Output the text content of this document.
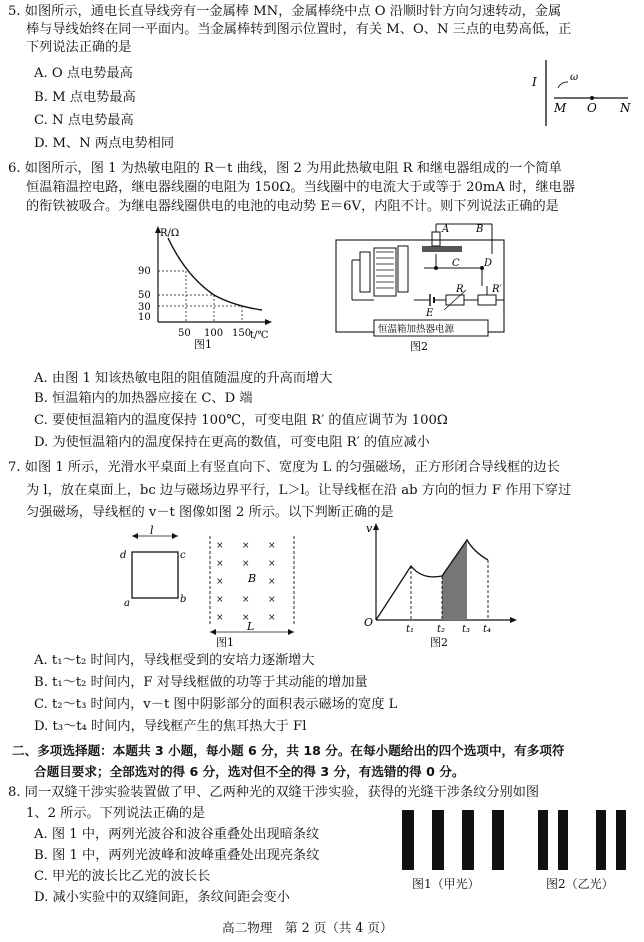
5. 如图所示，通电长直导线旁有一金属棒 MN，金属棒绕中点 O 沿顺时针方向匀速转动，金属
棒与导线始终在同一平面内。当金属棒转到图示位置时，有关 M、O、N 三点的电势高低，正
下列说法正确的是
A. O 点电势最高
B. M 点电势最高
C. N 点电势最高
D. M、N 两点电势相同
I	ω
M O N
6. 如图所示，图 1 为热敏电阻的 R－t 曲线，图 2 为用此热敏电阻 R 和继电器组成的一个简单
恒温箱温控电路，继电器线圈的电阻为 150Ω。当线圈中的电流大于或等于 20mA 时，继电器
的衔铁被吸合。为继电器线圈供电的电池的电动势 E＝6V，内阻不计。则下列说法正确的是
R/Ω
t/℃
90
50
30
10
50 100 150
图1
A	B
C D
E
R	R′
恒温箱加热器电源
图2
A. 由图 1 知该热敏电阻的阻值随温度的升高而增大
B. 恒温箱内的加热器应接在 C、D 端
C. 要使恒温箱内的温度保持 100℃，可变电阻 R′ 的值应调节为 100Ω
D. 为使恒温箱内的温度保持在更高的数值，可变电阻 R′ 的值应减小
7. 如图 1 所示，光滑水平桌面上有竖直向下、宽度为 L 的匀强磁场，正方形闭合导线框的边长
为 l，放在桌面上，bc 边与磁场边界平行，L＞l。让导线框在沿 ab 方向的恒力 F 作用下穿过
匀强磁场，导线框的 v－t 图像如图 2 所示。以下判断正确的是
l
d	c
a	b
× × ×
× × ×
×	×
× × ×
× × ×
B
L
图1
v
O
t₁ t₂ t₃ t₄
图2
A. t₁～t₂ 时间内，导线框受到的安培力逐渐增大
B. t₁～t₂ 时间内，F 对导线框做的功等于其动能的增加量
C. t₂～t₃ 时间内，v－t 图中阴影部分的面积表示磁场的宽度 L
D. t₃～t₄ 时间内，导线框产生的焦耳热大于 Fl
二、多项选择题：本题共 3 小题，每小题 6 分，共 18 分。在每小题给出的四个选项中，有多项符
合题目要求；全部选对的得 6 分，选对但不全的得 3 分，有选错的得 0 分。
8. 同一双缝干涉实验装置做了甲、乙两种光的双缝干涉实验，获得的光缝干涉条纹分别如图
1、2 所示。下列说法正确的是
A. 图 1 中，两列光波谷和波谷重叠处出现暗条纹
B. 图 1 中，两列光波峰和波峰重叠处出现亮条纹
C. 甲光的波长比乙光的波长长
D. 减小实验中的双缝间距，条纹间距会变小
图1（甲光）	图2（乙光）
高二物理　第 2 页（共 4 页）
